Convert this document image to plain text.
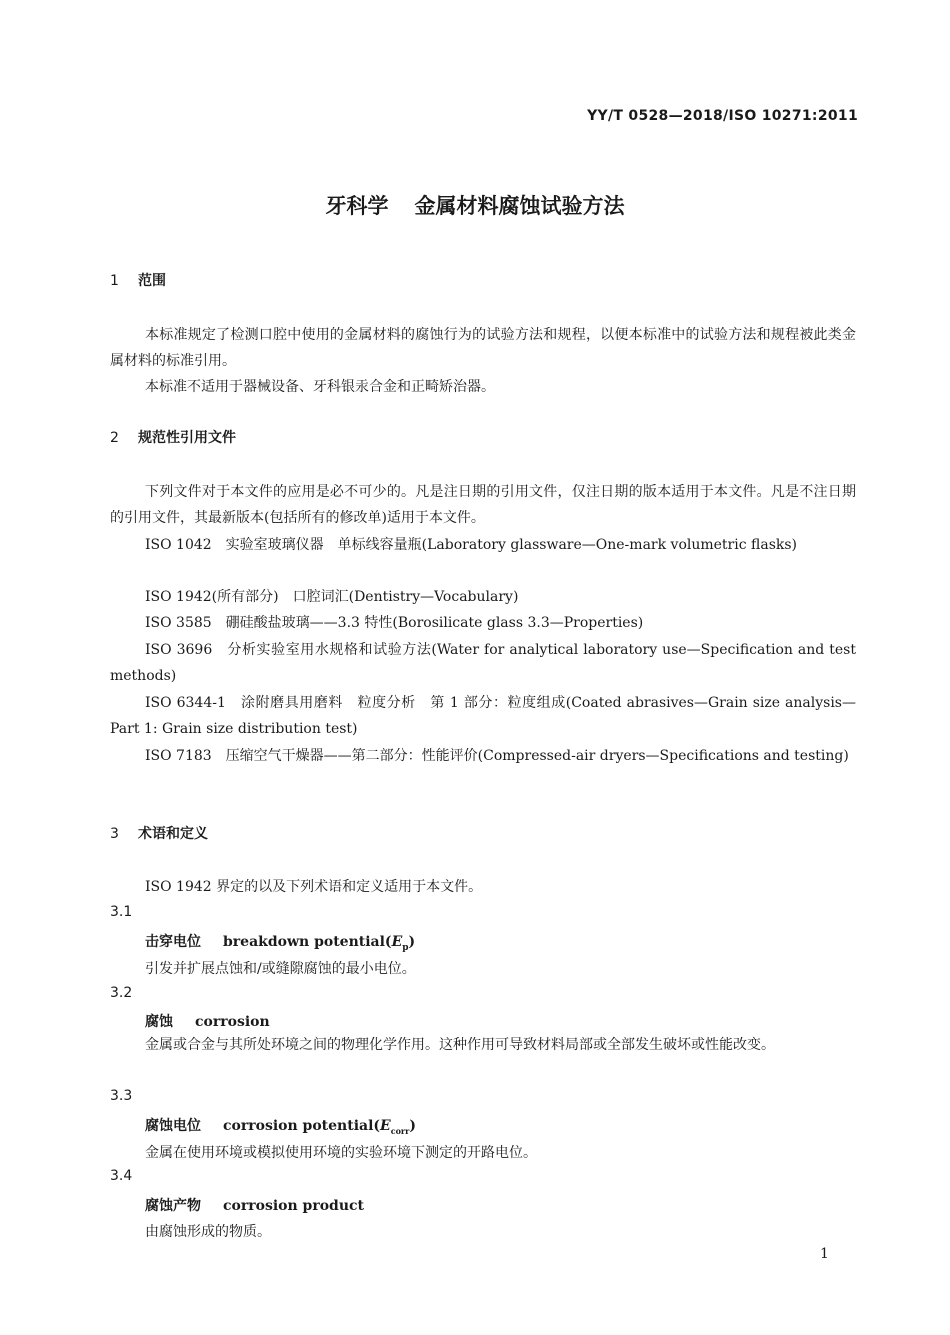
YY/T 0528—2018/ISO 10271:2011
牙科学 金属材料腐蚀试验方法
1 范围
本标准规定了检测口腔中使用的金属材料的腐蚀行为的试验方法和规程，以便本标准中的试验方法和规程被此类金属材料的标准引用。
本标准不适用于器械设备、牙科银汞合金和正畸矫治器。
2 规范性引用文件
下列文件对于本文件的应用是必不可少的。凡是注日期的引用文件，仅注日期的版本适用于本文件。凡是不注日期的引用文件，其最新版本(包括所有的修改单)适用于本文件。
ISO 1042　实验室玻璃仪器　单标线容量瓶(Laboratory glassware—One-mark volumetric flasks)
ISO 1942(所有部分)　口腔词汇(Dentistry—Vocabulary)
ISO 3585　硼硅酸盐玻璃——3.3 特性(Borosilicate glass 3.3—Properties)
ISO 3696　分析实验室用水规格和试验方法(Water for analytical laboratory use—Specification and test methods)
ISO 6344-1　涂附磨具用磨料　粒度分析　第 1 部分：粒度组成(Coated abrasives—Grain size analysis—Part 1: Grain size distribution test)
ISO 7183　压缩空气干燥器——第二部分：性能评价(Compressed-air dryers—Specifications and testing)
3 术语和定义
ISO 1942 界定的以及下列术语和定义适用于本文件。
3.1
击穿电位 breakdown $potential(E_p)$
引发并扩展点蚀和/或缝隙腐蚀的最小电位。
3.2
腐蚀 corrosion
金属或合金与其所处环境之间的物理化学作用。这种作用可导致材料局部或全部发生破坏或性能改变。
3.3
腐蚀电位 corrosion $potential(E_{corr})$
金属在使用环境或模拟使用环境的实验环境下测定的开路电位。
3.4
腐蚀产物 corrosion product
由腐蚀形成的物质。
1
